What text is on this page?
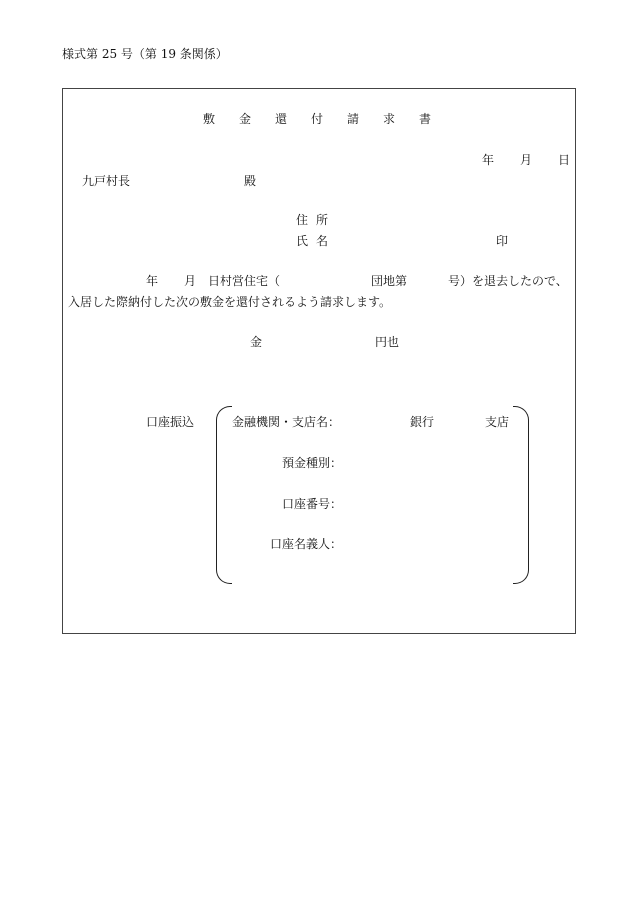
様式第 25 号（第 19 条関係）
敷金還付請求書
年 月 日
九戸村長	殿
住所
氏名	印
年 月 日村営住宅（	団地第	号）を退去したので、
入居した際納付した次の敷金を還付されるよう請求します。
金	円也
口座振込	金融機関・支店名：	銀行	支店
預金種別：
口座番号：
口座名義人：
